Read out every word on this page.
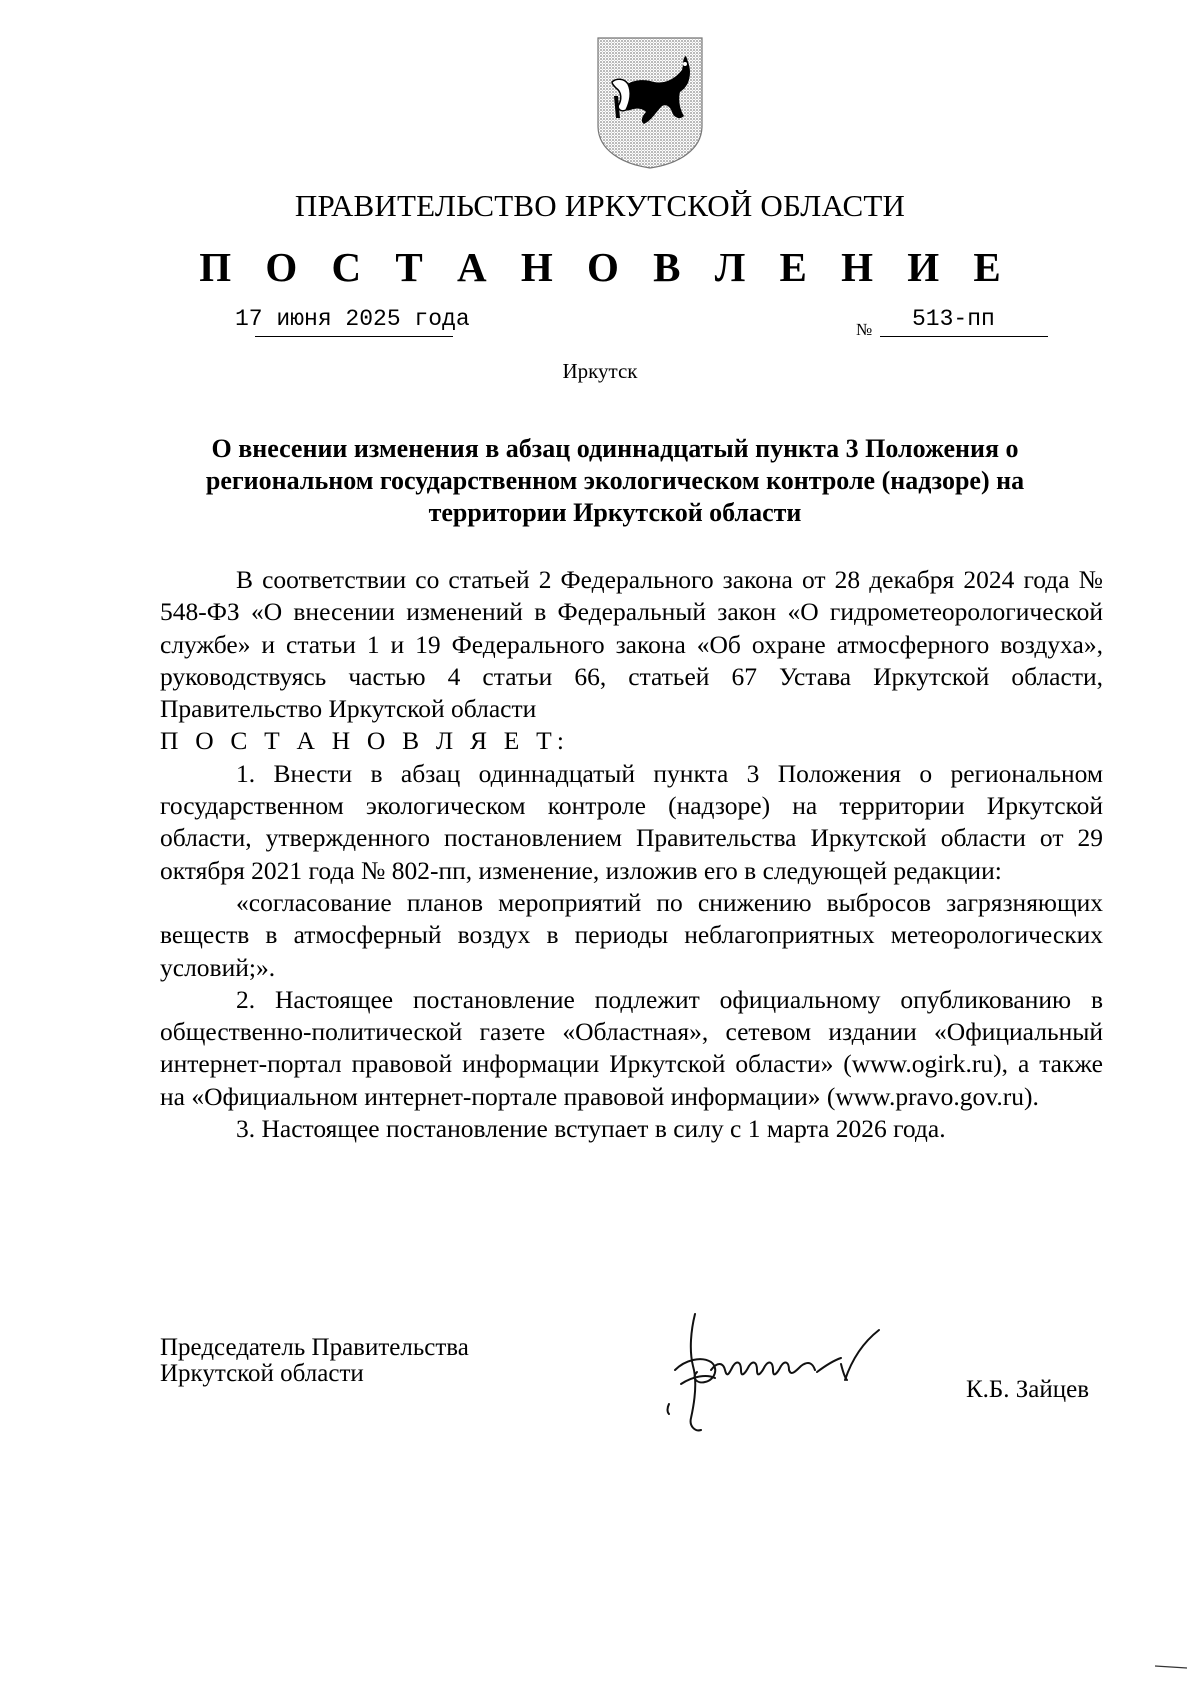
ПРАВИТЕЛЬСТВО ИРКУТСКОЙ ОБЛАСТИ
П О С Т А Н О В Л Е Н И Е
17 июня 2025 года	№ 513-пп
Иркутск
О внесении изменения в абзац одиннадцатый пункта 3 Положения о региональном государственном экологическом контроле (надзоре) на территории Иркутской области

В соответствии со статьей 2 Федерального закона от 28 декабря 2024 года № 548-ФЗ «О внесении изменений в Федеральный закон «О гидрометеорологической службе» и статьи 1 и 19 Федерального закона «Об охране атмосферного воздуха», руководствуясь частью 4 статьи 66, статьей 67 Устава Иркутской области, Правительство Иркутской области

П О С Т А Н О В Л Я Е Т:

1. Внести в абзац одиннадцатый пункта 3 Положения о региональном государственном экологическом контроле (надзоре) на территории Иркутской области, утвержденного постановлением Правительства Иркутской области от 29 октября 2021 года № 802-пп, изменение, изложив его в следующей редакции:

«согласование планов мероприятий по снижению выбросов загрязняющих веществ в атмосферный воздух в периоды неблагоприятных метеорологических условий;».

2. Настоящее постановление подлежит официальному опубликованию в общественно-политической газете «Областная», сетевом издании «Официальный интернет-портал правовой информации Иркутской области» (www.ogirk.ru), а также на «Официальном интернет-портале правовой информации» (www.pravo.gov.ru).

3. Настоящее постановление вступает в силу с 1 марта 2026 года.

Председатель Правительства
Иркутской области
К.Б. Зайцев
